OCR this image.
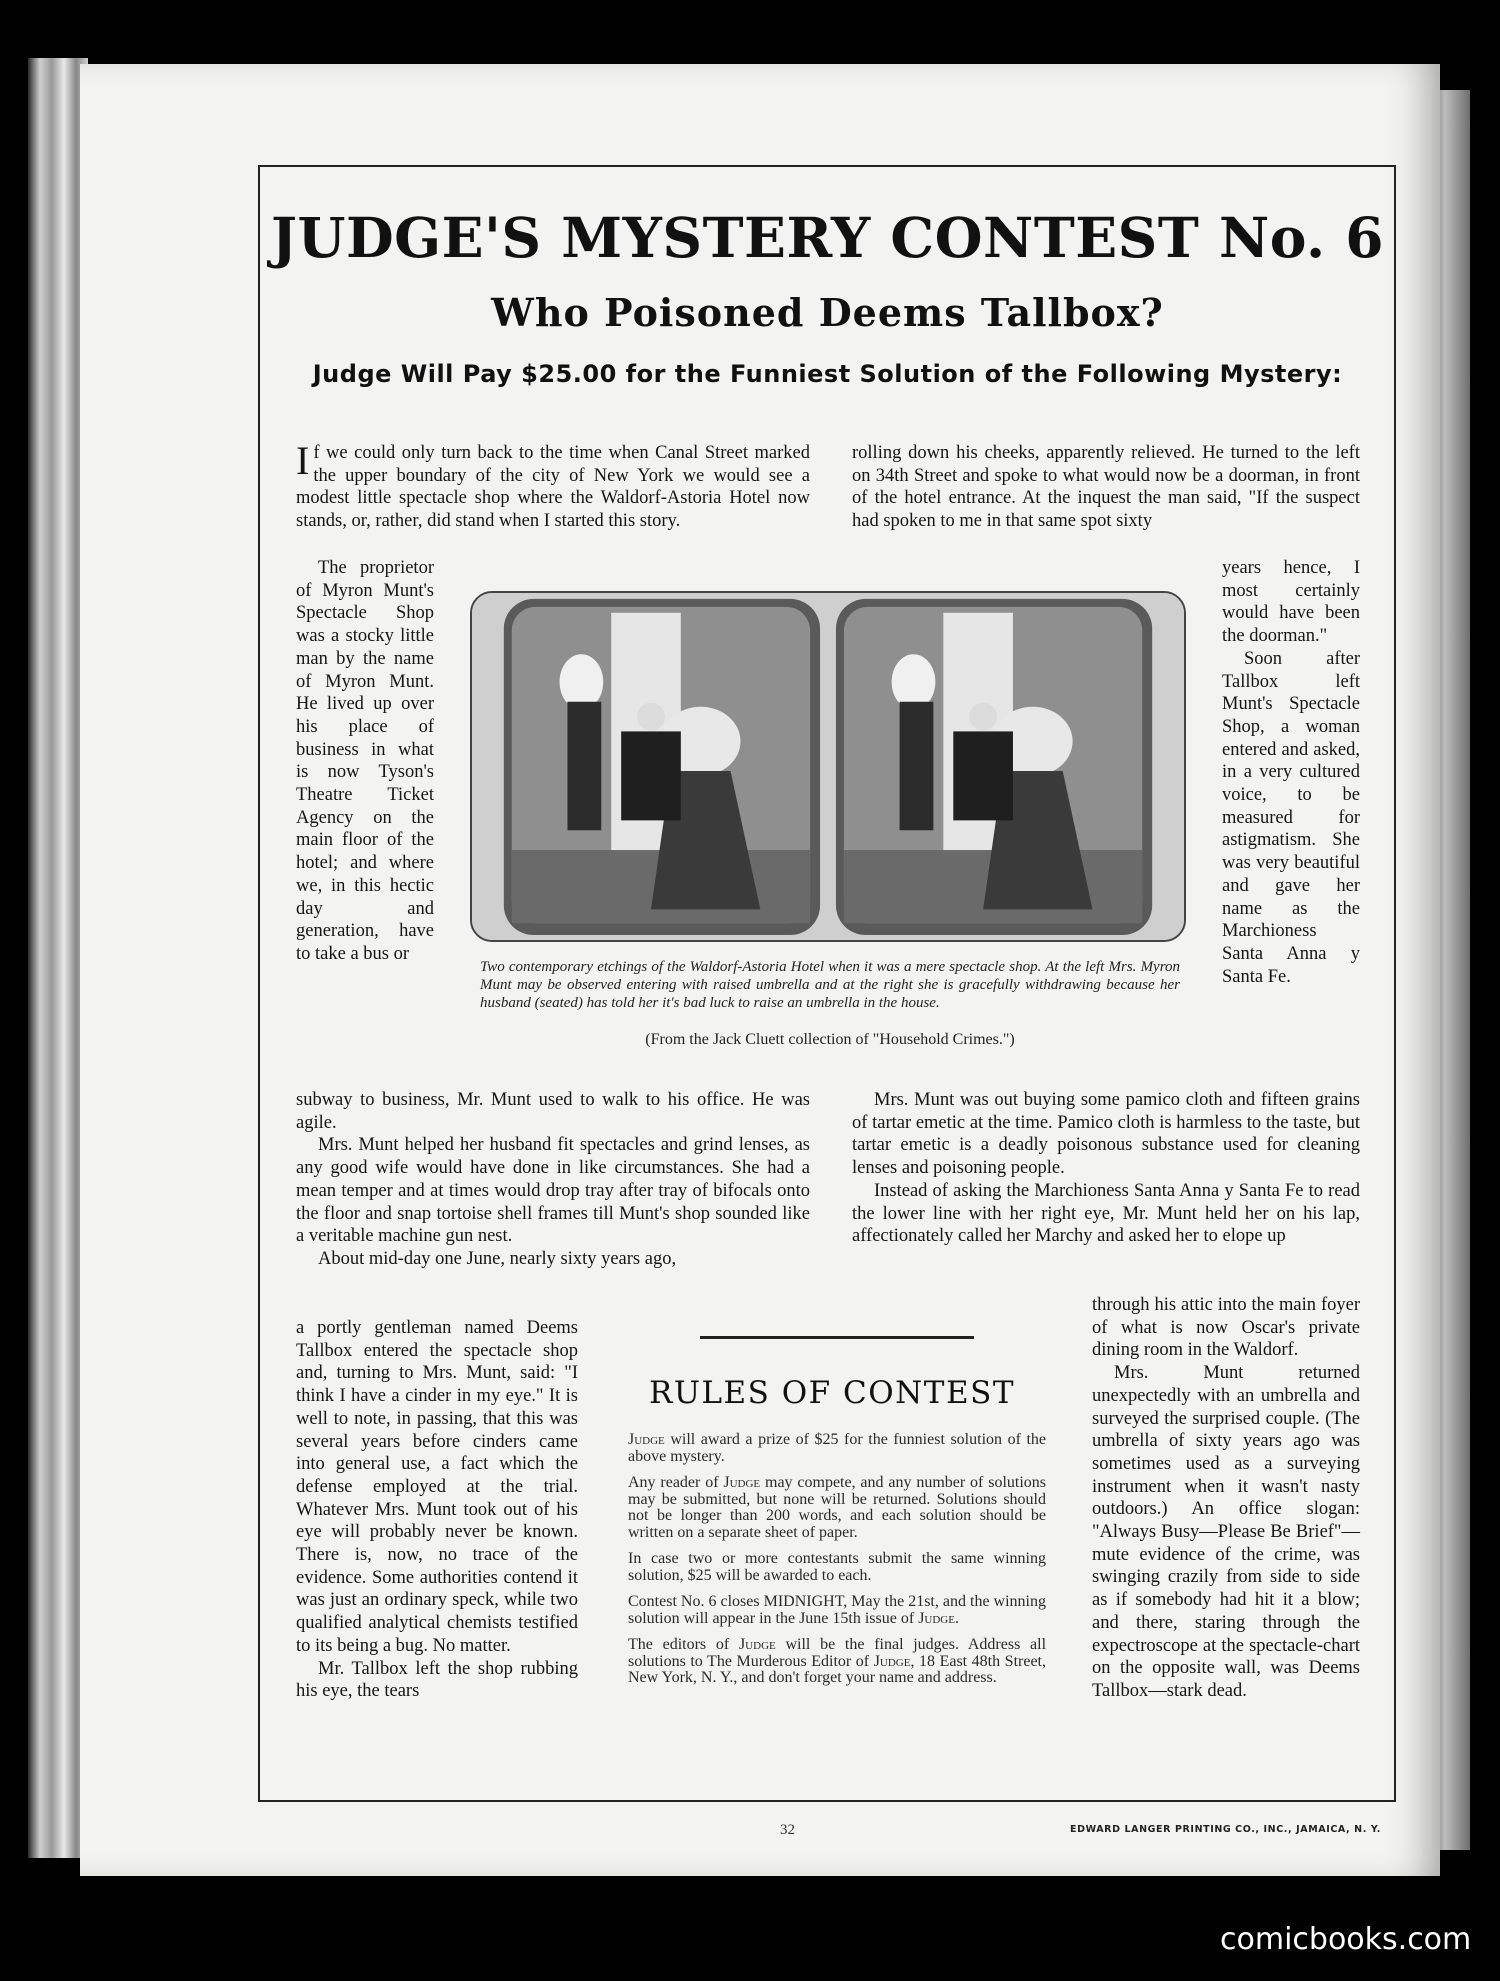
JUDGE'S MYSTERY CONTEST No. 6
Who Poisoned Deems Tallbox?
Judge Will Pay $25.00 for the Funniest Solution of the Following Mystery:

If we could only turn back to the time when Canal Street marked the upper boundary of the city of New York we would see a modest little spectacle shop where the Waldorf-Astoria Hotel now stands, or, rather, did stand when I started this story.

rolling down his cheeks, apparently relieved. He turned to the left on 34th Street and spoke to what would now be a doorman, in front of the hotel entrance. At the inquest the man said, "If the suspect had spoken to me in that same spot sixty

The proprietor of Myron Munt's Spectacle Shop was a stocky little man by the name of Myron Munt. He lived up over his place of business in what is now Tyson's Theatre Ticket Agency on the main floor of the hotel; and where we, in this hectic day and generation, have to take a bus or

years hence, I most certainly would have been the doorman."

Soon after Tallbox left Munt's Spectacle Shop, a woman entered and asked, in a very cultured voice, to be measured for astigmatism. She was very beautiful and gave her name as the Marchioness Santa Anna y Santa Fe.

Two contemporary etchings of the Waldorf-Astoria Hotel when it was a mere spectacle shop. At the left Mrs. Myron Munt may be observed entering with raised umbrella and at the right she is gracefully withdrawing because her husband (seated) has told her it's bad luck to raise an umbrella in the house.
(From the Jack Cluett collection of "Household Crimes.")

subway to business, Mr. Munt used to walk to his office. He was agile.

Mrs. Munt helped her husband fit spectacles and grind lenses, as any good wife would have done in like circumstances. She had a mean temper and at times would drop tray after tray of bifocals onto the floor and snap tortoise shell frames till Munt's shop sounded like a veritable machine gun nest.

About mid-day one June, nearly sixty years ago,

Mrs. Munt was out buying some pamico cloth and fifteen grains of tartar emetic at the time. Pamico cloth is harmless to the taste, but tartar emetic is a deadly poisonous substance used for cleaning lenses and poisoning people.

Instead of asking the Marchioness Santa Anna y Santa Fe to read the lower line with her right eye, Mr. Munt held her on his lap, affectionately called her Marchy and asked her to elope up

a portly gentleman named Deems Tallbox entered the spectacle shop and, turning to Mrs. Munt, said: "I think I have a cinder in my eye." It is well to note, in passing, that this was several years before cinders came into general use, a fact which the defense employed at the trial. Whatever Mrs. Munt took out of his eye will probably never be known. There is, now, no trace of the evidence. Some authorities contend it was just an ordinary speck, while two qualified analytical chemists testified to its being a bug. No matter.

Mr. Tallbox left the shop rubbing his eye, the tears

through his attic into the main foyer of what is now Oscar's private dining room in the Waldorf.

Mrs. Munt returned unexpectedly with an umbrella and surveyed the surprised couple. (The umbrella of sixty years ago was sometimes used as a surveying instrument when it wasn't nasty outdoors.) An office slogan: "Always Busy—Please Be Brief"—mute evidence of the crime, was swinging crazily from side to side as if somebody had hit it a blow; and there, staring through the expectroscope at the spectacle-chart on the opposite wall, was Deems Tallbox—stark dead.

RULES OF CONTEST

Judge will award a prize of $25 for the funniest solution of the above mystery.

Any reader of Judge may compete, and any number of solutions may be submitted, but none will be returned. Solutions should not be longer than 200 words, and each solution should be written on a separate sheet of paper.

In case two or more contestants submit the same winning solution, $25 will be awarded to each.

Contest No. 6 closes MIDNIGHT, May the 21st, and the winning solution will appear in the June 15th issue of Judge.

The editors of Judge will be the final judges. Address all solutions to The Murderous Editor of Judge, 18 East 48th Street, New York, N. Y., and don't forget your name and address.

32	EDWARD LANGER PRINTING CO., INC., JAMAICA, N. Y.
comicbooks.com
